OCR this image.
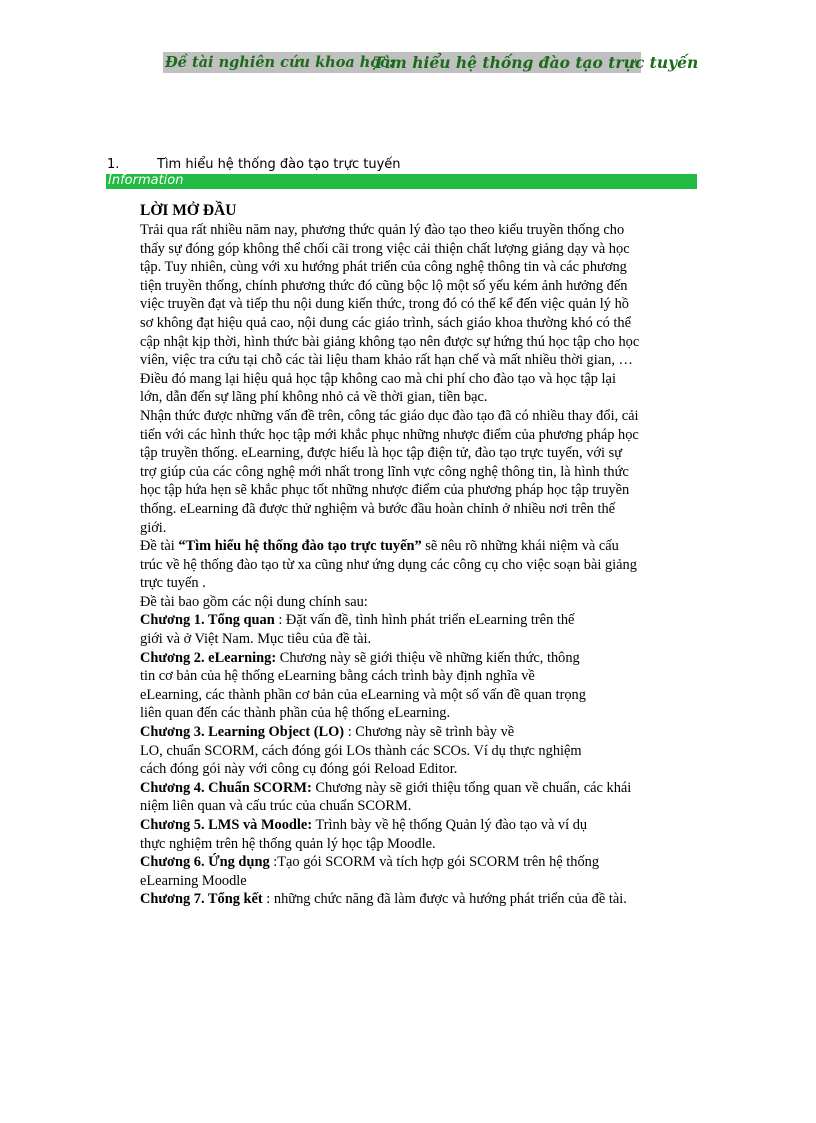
Đề tài nghiên cứu khoa học:
Tìm hiểu hệ thống đào tạo trực tuyến
1.	Tìm hiểu hệ thống đào tạo trực tuyến
Information
LỜI MỞ ĐẦU
Trải qua rất nhiều năm nay, phương thức quản lý đào tạo theo kiểu truyền thống cho
thấy sự đóng góp không thể chối cãi trong việc cải thiện chất lượng giảng dạy và học
tập. Tuy nhiên, cùng với xu hướng phát triển của công nghệ thông tin và các phương
tiện truyền thống, chính phương thức đó cũng bộc lộ một số yếu kém ảnh hưởng đến
việc truyền đạt và tiếp thu nội dung kiến thức, trong đó có thể kể đến việc quản lý hồ
sơ không đạt hiệu quả cao, nội dung các giáo trình, sách giáo khoa thường khó có thể
cập nhật kịp thời, hình thức bài giảng không tạo nên được sự hứng thú học tập cho học
viên, việc tra cứu tại chỗ các tài liệu tham khảo rất hạn chế và mất nhiều thời gian, …
Điều đó mang lại hiệu quả học tập không cao mà chi phí cho đào tạo và học tập lại
lớn, dẫn đến sự lãng phí không nhỏ cả về thời gian, tiền bạc.
Nhận thức được những vấn đề trên, công tác giáo dục đào tạo đã có nhiều thay đổi, cải
tiến với các hình thức học tập mới khắc phục những nhược điểm của phương pháp học
tập truyền thống. eLearning, được hiểu là học tập điện tử, đào tạo trực tuyến, với sự
trợ giúp của các công nghệ mới nhất trong lĩnh vực công nghệ thông tin, là hình thức
học tập hứa hẹn sẽ khắc phục tốt những nhược điểm của phương pháp học tập truyền
thống. eLearning đã được thử nghiệm và bước đầu hoàn chỉnh ở nhiều nơi trên thế
giới.
Đề tài “Tìm hiểu hệ thống đào tạo trực tuyến” sẽ nêu rõ những khái niệm và cấu
trúc về hệ thống đào tạo từ xa cũng như ứng dụng các công cụ cho việc soạn bài giảng
trực tuyến .
Đề tài bao gồm các nội dung chính sau:
Chương 1. Tổng quan : Đặt vấn đề, tình hình phát triển eLearning trên thế
giới và ở Việt Nam. Mục tiêu của đề tài.
Chương 2. eLearning: Chương này sẽ giới thiệu về những kiến thức, thông
tin cơ bản của hệ thống eLearning bằng cách trình bày định nghĩa về
eLearning, các thành phần cơ bản của eLearning và một số vấn đề quan trọng
liên quan đến các thành phần của hệ thống eLearning.
Chương 3. Learning Object (LO) : Chương này sẽ trình bày về
LO, chuẩn SCORM, cách đóng gói LOs thành các SCOs. Ví dụ thực nghiệm
cách đóng gói này với công cụ đóng gói Reload Editor.
Chương 4. Chuẩn SCORM: Chương này sẽ giới thiệu tổng quan về chuẩn, các khái
niệm liên quan và cấu trúc của chuẩn SCORM.
Chương 5. LMS và Moodle: Trình bày về hệ thống Quản lý đào tạo và ví dụ
thực nghiệm trên hệ thống quản lý học tập Moodle.
Chương 6. Ứng dụng :Tạo gói SCORM và tích hợp gói SCORM trên hệ thống
eLearning Moodle
Chương 7. Tổng kết : những chức năng đã làm được và hướng phát triển của đề tài.
